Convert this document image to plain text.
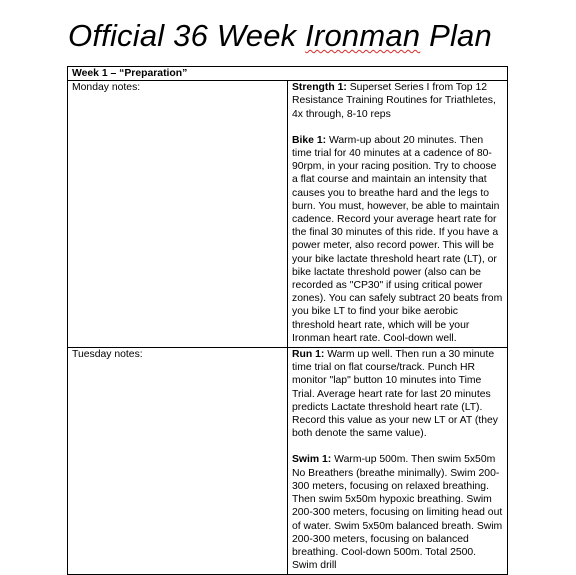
Official 36 Week Ironman Plan
Week 1 – “Preparation”	
Monday notes:	Strength 1: Superset Series I from Top 12 Resistance Training Routines for Triathletes, 4x through, 8-10 reps

Bike 1: Warm-up about 20 minutes. Then time trial for 40 minutes at a cadence of 80-90rpm, in your racing position. Try to choose a flat course and maintain an intensity that causes you to breathe hard and the legs to burn. You must, however, be able to maintain cadence. Record your average heart rate for the final 30 minutes of this ride. If you have a power meter, also record power. This will be your bike lactate threshold heart rate (LT), or bike lactate threshold power (also can be recorded as "CP30" if using critical power zones). You can safely subtract 20 beats from you bike LT to find your bike aerobic threshold heart rate, which will be your Ironman heart rate. Cool-down well.

Tuesday notes:	Run 1: Warm up well. Then run a 30 minute time trial on flat course/track. Punch HR monitor "lap" button 10 minutes into Time Trial. Average heart rate for last 20 minutes predicts Lactate threshold heart rate (LT). Record this value as your new LT or AT (they both denote the same value).

Swim 1: Warm-up 500m. Then swim 5x50m No Breathers (breathe minimally). Swim 200-300 meters, focusing on relaxed breathing. Then swim 5x50m hypoxic breathing. Swim 200-300 meters, focusing on limiting head out of water. Swim 5x50m balanced breath. Swim 200-300 meters, focusing on balanced breathing. Cool-down 500m. Total 2500. Swim drill
